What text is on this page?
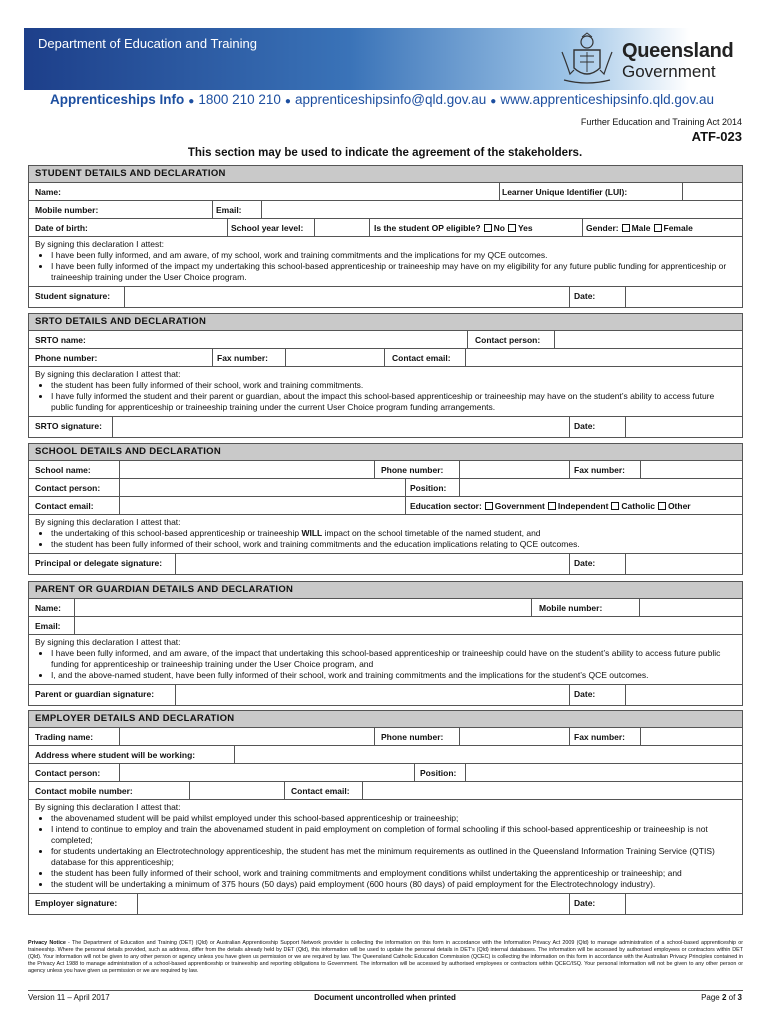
Department of Education and Training	Queensland
Government
Apprenticeships Info ● 1800 210 210 ● apprenticeshipsinfo@qld.gov.au ● www.apprenticeshipsinfo.qld.gov.au
Further Education and Training Act 2014
ATF-023
This section may be used to indicate the agreement of the stakeholders.
STUDENT DETAILS AND DECLARATION
Name:	Learner Unique Identifier (LUI):
Mobile number:	Email:
Date of birth:	School year level:	Is the student OP eligible? No Yes	Gender: Male Female
By signing this declaration I attest:
• I have been fully informed, and am aware, of my school, work and training commitments and the implications for my QCE outcomes.
• I have been fully informed of the impact my undertaking this school-based apprenticeship or traineeship may have on my eligibility for any future public funding for apprenticeship or traineeship training under the User Choice program.
Student signature:	Date:
SRTO DETAILS AND DECLARATION
SRTO name:	Contact person:
Phone number:	Fax number:	Contact email:
By signing this declaration I attest that:
• the student has been fully informed of their school, work and training commitments.
• I have fully informed the student and their parent or guardian, about the impact this school-based apprenticeship or traineeship may have on the student’s ability to access future public funding for apprenticeship or traineeship training under the current User Choice program funding arrangements.
SRTO signature:	Date:
SCHOOL DETAILS AND DECLARATION
School name:	Phone number:	Fax number:
Contact person:	Position:
Contact email:	Education sector: Government Independent Catholic Other
By signing this declaration I attest that:
• the undertaking of this school-based apprenticeship or traineeship WILL impact on the school timetable of the named student, and
• the student has been fully informed of their school, work and training commitments and the education implications relating to QCE outcomes.
Principal or delegate signature:	Date:
PARENT OR GUARDIAN DETAILS AND DECLARATION
Name:	Mobile number:
Email:
By signing this declaration I attest that:
• I have been fully informed, and am aware, of the impact that undertaking this school-based apprenticeship or traineeship could have on the student’s ability to access future public funding for apprenticeship or traineeship training under the User Choice program, and
• I, and the above-named student, have been fully informed of their school, work and training commitments and the implications for the student’s QCE outcomes.
Parent or guardian signature:	Date:
EMPLOYER DETAILS AND DECLARATION
Trading name:	Phone number:	Fax number:
Address where student will be working:
Contact person:	Position:
Contact mobile number:	Contact email:
By signing this declaration I attest that:
• the abovenamed student will be paid whilst employed under this school-based apprenticeship or traineeship;
• I intend to continue to employ and train the abovenamed student in paid employment on completion of formal schooling if this school-based apprenticeship or traineeship is not completed;
• for students undertaking an Electrotechnology apprenticeship, the student has met the minimum requirements as outlined in the Queensland Information Training Service (QTIS) database for this apprenticeship;
• the student has been fully informed of their school, work and training commitments and employment conditions whilst undertaking the apprenticeship or traineeship; and
• the student will be undertaking a minimum of 375 hours (50 days) paid employment (600 hours (80 days) of paid employment for the Electrotechnology industry).
Employer signature:	Date:
Privacy Notice - The Department of Education and Training (DET) (Qld) or Australian Apprenticeship Support Network provider is collecting the information on this form in accordance with the Information Privacy Act 2009 (Qld) to manage administration of a school-based apprenticeship or traineeship. Where the personal details provided, such as address, differ from the details already held by DET (Qld), this information will be used to update the personal details in DET’s (Qld) internal databases. The information will be accessed by authorised employees or contractors within DET (Qld). Your information will not be given to any other person or agency unless you have given us permission or we are required by law. The Queensland Catholic Education Commission (QCEC) is collecting the information on this form in accordance with the Australian Privacy Principles contained in the Privacy Act 1988 to manage administration of a school-based apprenticeship or traineeship and reporting obligations to Government. The information will be accessed by authorised employees or contractors within QCEC/ISQ. Your personal information will not be given to any other person or agency unless you have given us permission or we are required by law.
Version 11 – April 2017	Document uncontrolled when printed	Page 2 of 3
